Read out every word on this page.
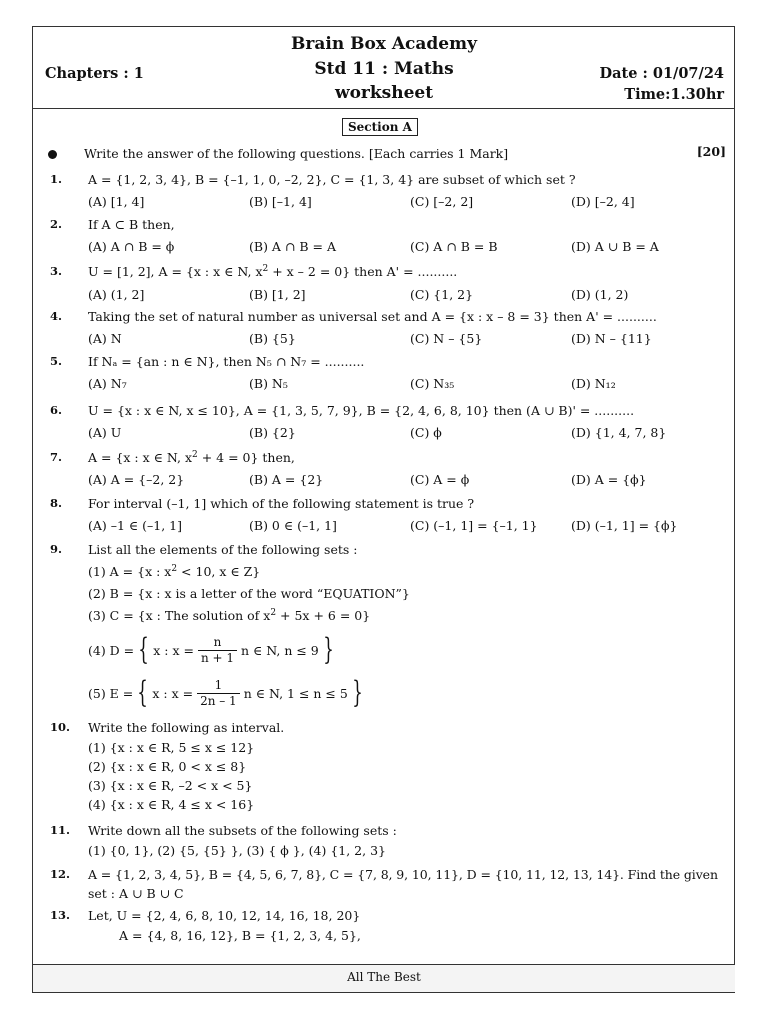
Brain Box Academy
Chapters : 1	Std 11 : Maths	Date : 01/07/24
worksheet	Time:1.30hr
Section A
Write the answer of the following questions. [Each carries 1 Mark]	[20]
1. A = {1, 2, 3, 4}, B = {–1, 1, 0, –2, 2}, C = {1, 3, 4} are subset of which set ?
(A) [1, 4]	(B) [–1, 4]	(C) [–2, 2]	(D) [–2, 4]
2. If A ⊂ B then,
(A) A ∩ B = ϕ	(B) A ∩ B = A	(C) A ∩ B = B	(D) A ∪ B = A
3. U = [1, 2], A = {x : x ∈ N, $x^2 + x - 2 = 0$} then A' = ..........
(A) (1, 2]	(B) [1, 2]	(C) {1, 2}	(D) (1, 2)
4. Taking the set of natural number as universal set and A = {x : x – 8 = 3} then A' = ..........
(A) N	(B) {5}	(C) N – {5}	(D) N – {11}
5. If Nₐ = {an : n ∈ N}, then N₅ ∩ N₇ = ..........
(A) N₇	(B) N₅	(C) N₃₅	(D) N₁₂
6. U = {x : x ∈ N, x ≤ 10}, A = {1, 3, 5, 7, 9}, B = {2, 4, 6, 8, 10} then (A ∪ B)' = ..........
(A) U	(B) {2}	(C) ϕ	(D) {1, 4, 7, 8}
7. A = {x : x ∈ N, $x^2 + 4 = 0$} then,
(A) A = {–2, 2}	(B) A = {2}	(C) A = ϕ	(D) A = {ϕ}
8. For interval (–1, 1] which of the following statement is true ?
(A) –1 ∈ (–1, 1]	(B) 0 ∈ (–1, 1]	(C) (–1, 1] = {–1, 1}	(D) (–1, 1] = {ϕ}
9. List all the elements of the following sets :
(1) A = {x : $x^2 < 10$, x ∈ Z}
(2) B = {x : x is a letter of the word “EQUATION”}
(3) C = {x : The solution of $x^2 + 5x + 6 = 0$}
(4) D = { x : x =
$\frac{n}{n + 1}$
n ∈ N, n ≤ 9 }
(5) E = { x : x =
$\frac{1}{2n - 1}$
n ∈ N, 1 ≤ n ≤ 5 }
10. Write the following as interval.
(1) {x : x ∈ R, 5 ≤ x ≤ 12}
(2) {x : x ∈ R, 0 < x ≤ 8}
(3) {x : x ∈ R, –2 < x < 5}
(4) {x : x ∈ R, 4 ≤ x < 16}
11. Write down all the subsets of the following sets :
(1) {0, 1}, (2) {5, {5} }, (3) { ϕ }, (4) {1, 2, 3}
12. A = {1, 2, 3, 4, 5}, B = {4, 5, 6, 7, 8}, C = {7, 8, 9, 10, 11}, D = {10, 11, 12, 13, 14}. Find the given
set : A ∪ B ∪ C
13. Let, U = {2, 4, 6, 8, 10, 12, 14, 16, 18, 20}
A = {4, 8, 16, 12}, B = {1, 2, 3, 4, 5},
All The Best
